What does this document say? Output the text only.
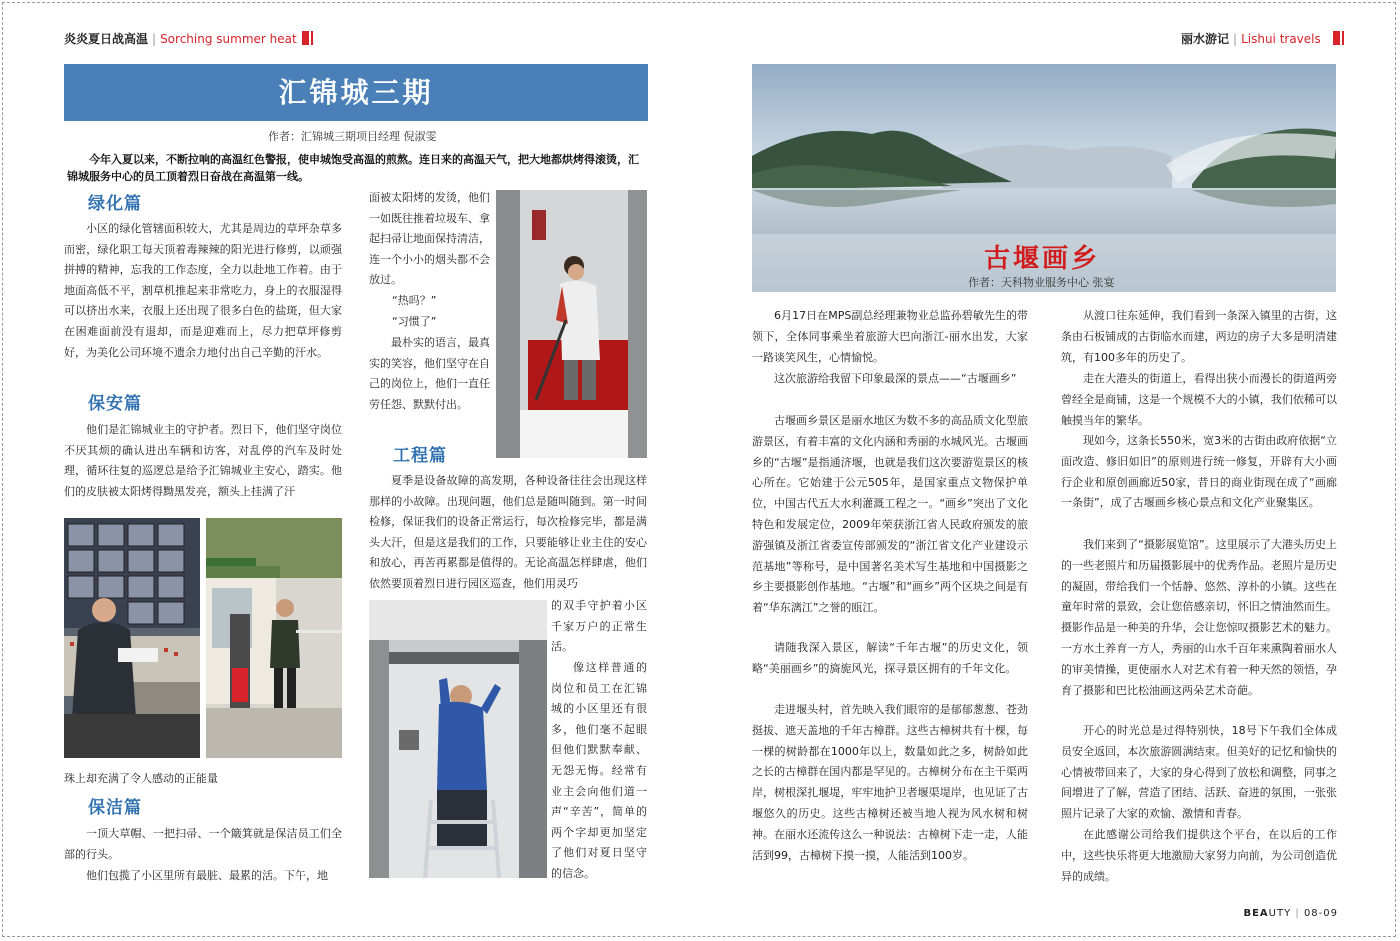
炎炎夏日战高温 | Sorching summer heat	丽水游记 | Lishui travels
汇锦城三期
作者：汇锦城三期项目经理 倪淑雯
今年入夏以来，不断拉响的高温红色警报，使申城饱受高温的煎熬。连日来的高温天气，把大地都烘烤得滚烫，汇锦城服务中心的员工顶着烈日奋战在高温第一线。
绿化篇
小区的绿化管辖面积较大，尤其是周边的草坪杂草多而密，绿化职工每天顶着毒辣辣的阳光进行修剪，以顽强拼搏的精神，忘我的工作态度，全力以赴地工作着。由于地面高低不平，割草机推起来非常吃力，身上的衣服湿得可以挤出水来，衣服上还出现了很多白色的盐斑，但大家在困难面前没有退却，而是迎难而上，尽力把草坪修剪好，为美化公司环境不遗余力地付出自己辛勤的汗水。
保安篇
他们是汇锦城业主的守护者。烈日下，他们坚守岗位不厌其烦的确认进出车辆和访客，对乱停的汽车及时处理，循环往复的巡逻总是给予汇锦城业主安心，踏实。他们的皮肤被太阳烤得黝黑发亮，额头上挂满了汗
珠上却充满了令人感动的正能量
保洁篇
一顶大草帽、一把扫帚、一个簸箕就是保洁员工们全部的行头。
他们包揽了小区里所有最脏、最累的活。下午，地
面被太阳烤的发烫，他们一如既往推着垃圾车、拿起扫帚让地面保持清洁，连一个小小的烟头都不会放过。
“热吗？”
“习惯了”
最朴实的语言，最真实的笑容，他们坚守在自己的岗位上，他们一直任劳任怨、默默付出。
工程篇
夏季是设备故障的高发期，各种设备往往会出现这样那样的小故障。出现问题，他们总是随叫随到。第一时间检修，保证我们的设备正常运行，每次检修完毕，都是满头大汗，但是这是我们的工作，只要能够让业主住的安心和放心，再苦再累都是值得的。无论高温怎样肆虐，他们依然要顶着烈日进行园区巡查，他们用灵巧
的双手守护着小区千家万户的正常生活。
像这样普通的岗位和员工在汇锦城的小区里还有很多，他们毫不起眼但他们默默奉献、无怨无悔。经常有业主会向他们道一声“辛苦”，简单的两个字却更加坚定了他们对夏日坚守的信念。
古堰画乡
作者：天科物业服务中心 张宴
6月17日在MPS副总经理兼物业总监孙碧敏先生的带领下，全体同事乘坐着旅游大巴向浙江-丽水出发，大家一路谈笑风生，心情愉悦。
这次旅游给我留下印象最深的景点——“古堰画乡”
古堰画乡景区是丽水地区为数不多的高品质文化型旅游景区，有着丰富的文化内涵和秀丽的水城风光。古堰画乡的“古堰”是指通济堰，也就是我们这次要游览景区的核心所在。它始建于公元505年，是国家重点文物保护单位，中国古代五大水利灌溉工程之一。“画乡”突出了文化特色和发展定位，2009年荣获浙江省人民政府颁发的旅游强镇及浙江省委宣传部颁发的“浙江省文化产业建设示范基地”等称号，是中国著名美术写生基地和中国摄影之乡主要摄影创作基地。“古堰”和“画乡”两个区块之间是有着“华东漓江”之誉的瓯江。
请随我深入景区，解读“千年古堰”的历史文化，领略“美丽画乡”的旖旎风光，探寻景区拥有的千年文化。
走进堰头村，首先映入我们眼帘的是郁郁葱葱、苍劲挺拔、遮天盖地的千年古樟群。这些古樟树共有十棵，每一棵的树龄都在1000年以上，数量如此之多，树龄如此之长的古樟群在国内都是罕见的。古樟树分布在主干渠两岸，树根深扎堰堤，牢牢地护卫者堰渠堤岸，也见证了古堰悠久的历史。这些古樟树还被当地人视为风水树和树神。在丽水还流传这么一种说法：古樟树下走一走，人能活到99，古樟树下摸一摸，人能活到100岁。
从渡口往东延伸，我们看到一条深入镇里的古街，这条由石板铺成的古街临水而建，两边的房子大多是明清建筑，有100多年的历史了。
走在大港头的街道上，看得出狭小而漫长的街道两旁曾经全是商铺，这是一个规模不大的小镇，我们依稀可以触摸当年的繁华。
现如今，这条长550米，宽3米的古街由政府依据“立面改造、修旧如旧”的原则进行统一修复，开辟有大小画行企业和原创画廊近50家，昔日的商业街现在成了“画廊一条街”，成了古堰画乡核心景点和文化产业聚集区。
我们来到了“摄影展览馆”。这里展示了大港头历史上的一些老照片和历届摄影展中的优秀作品。老照片是历史的凝固，带给我们一个恬静、悠然、淳朴的小镇。这些在童年时常的景致，会让您倍感亲切，怀旧之情油然而生。摄影作品是一种美的升华，会让您惊叹摄影艺术的魅力。一方水土养育一方人，秀丽的山水千百年来熏陶着丽水人的审美情操，更使丽水人对艺术有着一种天然的领悟，孕育了摄影和巴比松油画这两朵艺术奇葩。
开心的时光总是过得特别快，18号下午我们全体成员安全返回，本次旅游圆满结束。但美好的记忆和愉快的心情被带回来了，大家的身心得到了放松和调整，同事之间增进了了解，营造了团结、活跃、奋进的氛围，一张张照片记录了大家的欢愉、激情和青春。
在此感谢公司给我们提供这个平台，在以后的工作中，这些快乐将更大地激励大家努力向前，为公司创造优异的成绩。
BEAUTY | 08-09
